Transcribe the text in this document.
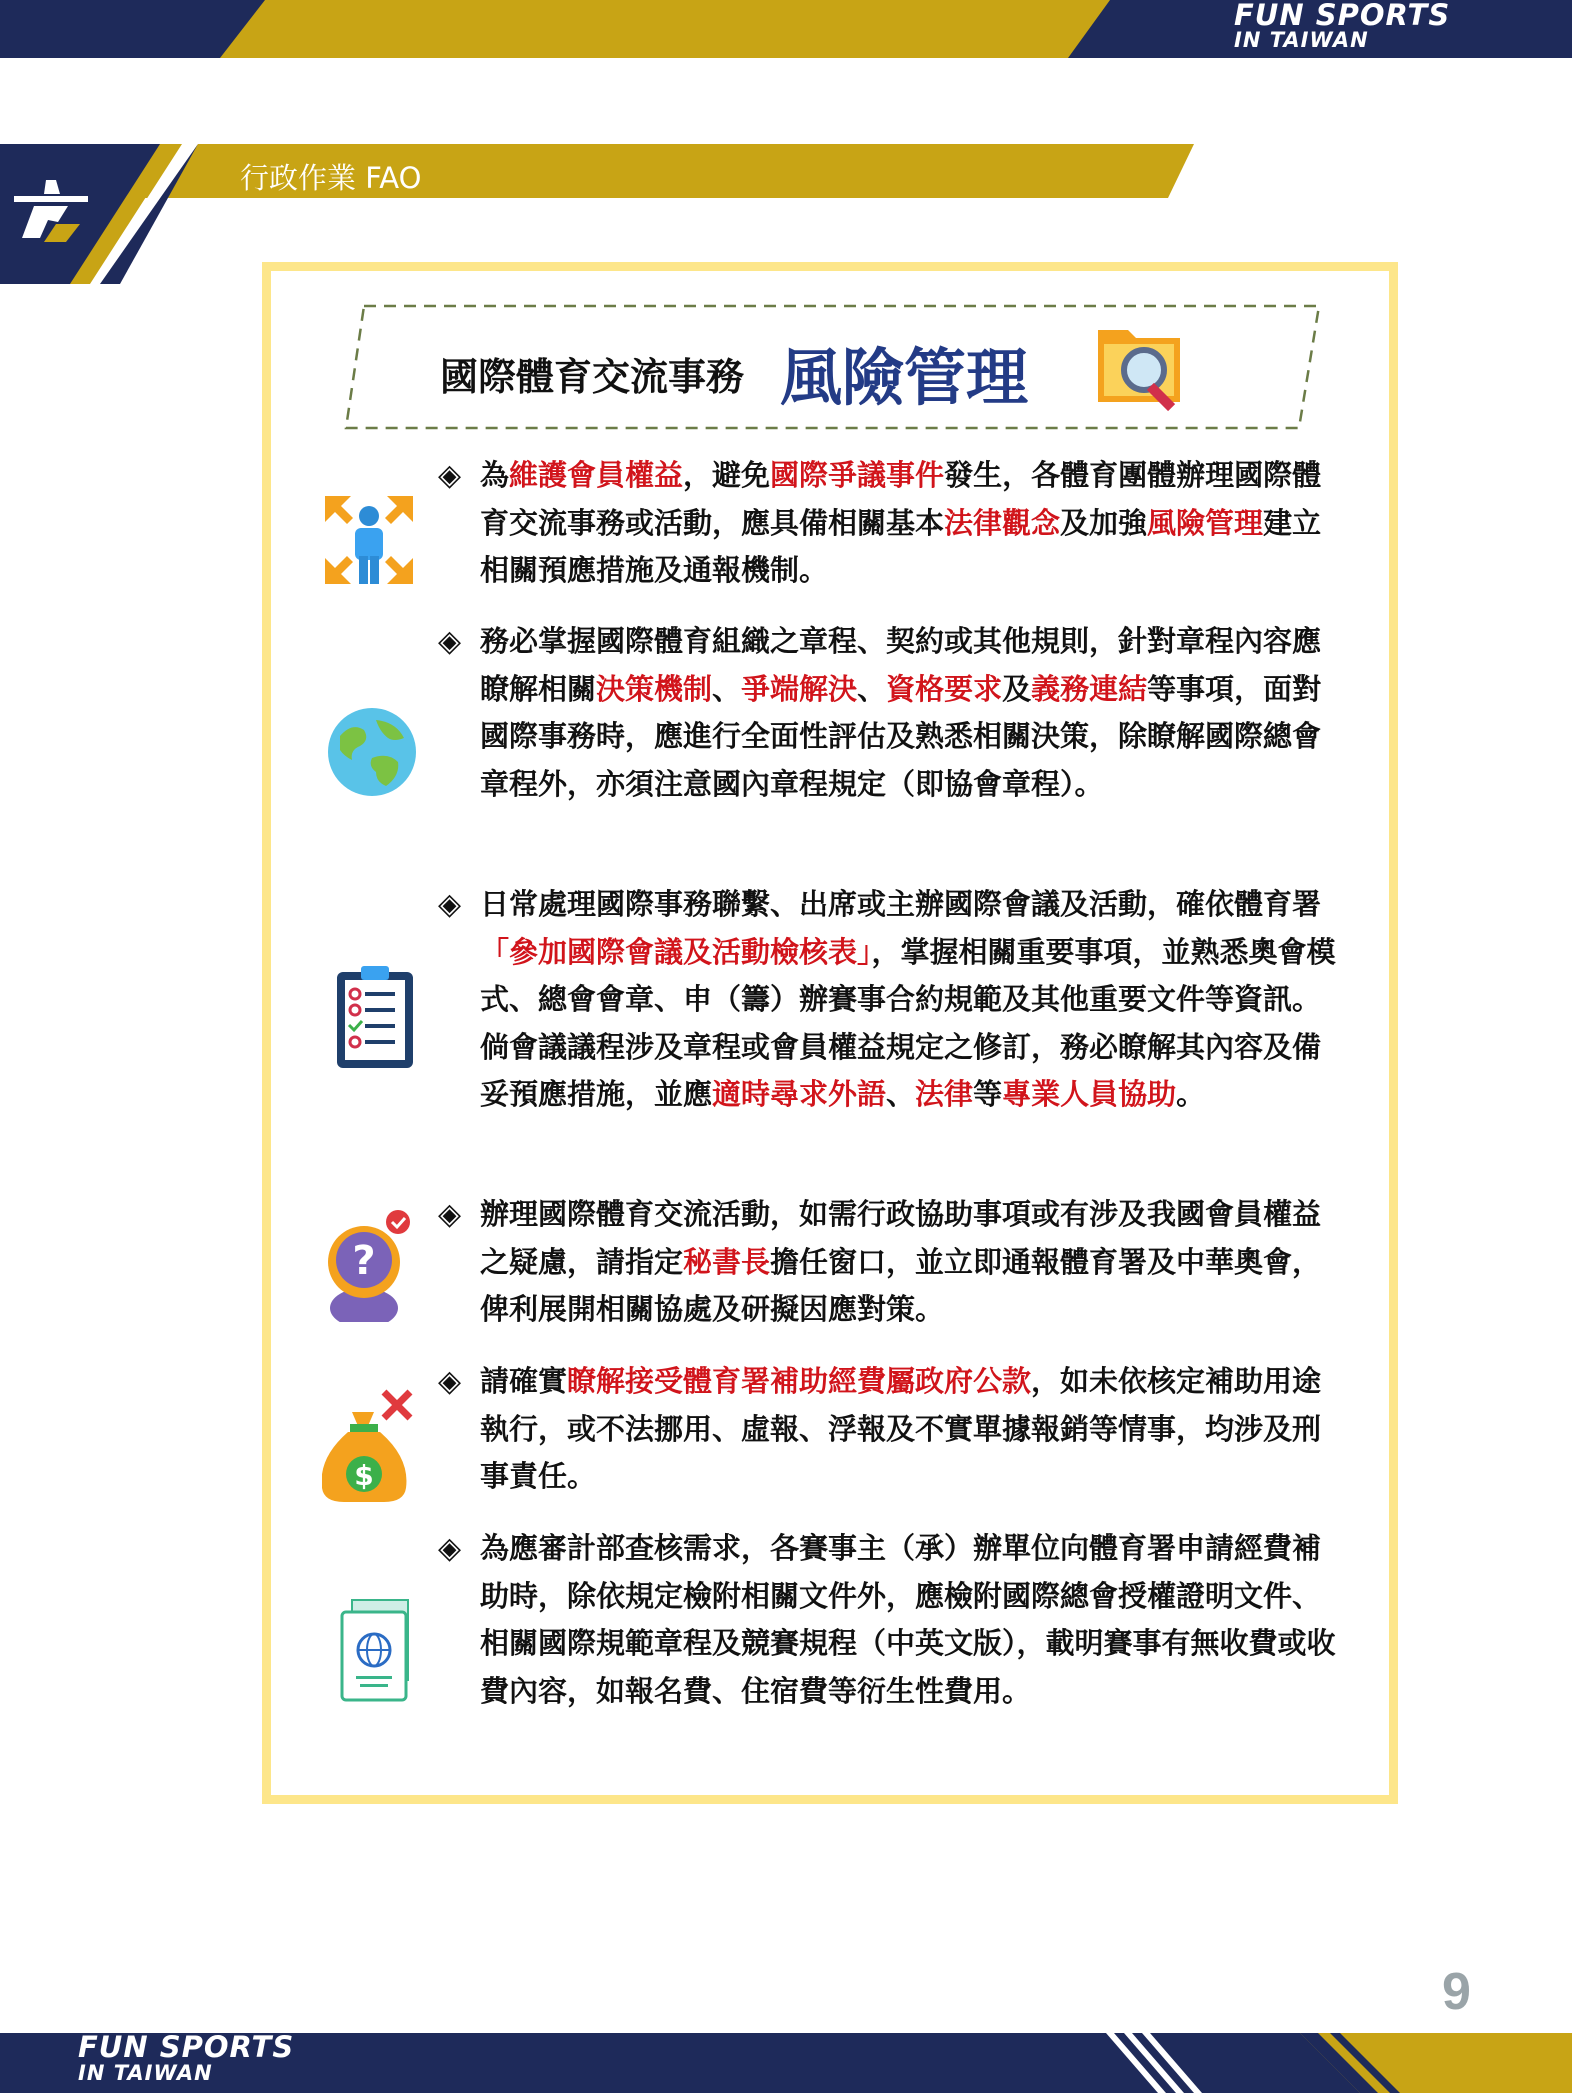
FUN SPORTS
IN TAIWAN
行政作業 FAO
國際體育交流事務 風險管理
◈ 為維護會員權益，避免國際爭議事件發生，各體育團體辦理國際體育交流事務或活動，應具備相關基本法律觀念及加強風險管理建立相關預應措施及通報機制。
◈ 務必掌握國際體育組織之章程、契約或其他規則，針對章程內容應瞭解相關決策機制、爭端解決、資格要求及義務連結等事項，面對國際事務時，應進行全面性評估及熟悉相關決策，除瞭解國際總會章程外，亦須注意國內章程規定（即協會章程）。
◈ 日常處理國際事務聯繫、出席或主辦國際會議及活動，確依體育署「參加國際會議及活動檢核表」，掌握相關重要事項，並熟悉奧會模式、總會會章、申（籌）辦賽事合約規範及其他重要文件等資訊。倘會議議程涉及章程或會員權益規定之修訂，務必瞭解其內容及備妥預應措施，並應適時尋求外語、法律等專業人員協助。
◈ 辦理國際體育交流活動，如需行政協助事項或有涉及我國會員權益之疑慮，請指定秘書長擔任窗口，並立即通報體育署及中華奧會，俾利展開相關協處及研擬因應對策。
◈ 請確實瞭解接受體育署補助經費屬政府公款，如未依核定補助用途執行，或不法挪用、虛報、浮報及不實單據報銷等情事，均涉及刑事責任。
◈ 為應審計部查核需求，各賽事主（承）辦單位向體育署申請經費補助時，除依規定檢附相關文件外，應檢附國際總會授權證明文件、相關國際規範章程及競賽規程（中英文版），載明賽事有無收費或收費內容，如報名費、住宿費等衍生性費用。
?
$
9
FUN SPORTS
IN TAIWAN
